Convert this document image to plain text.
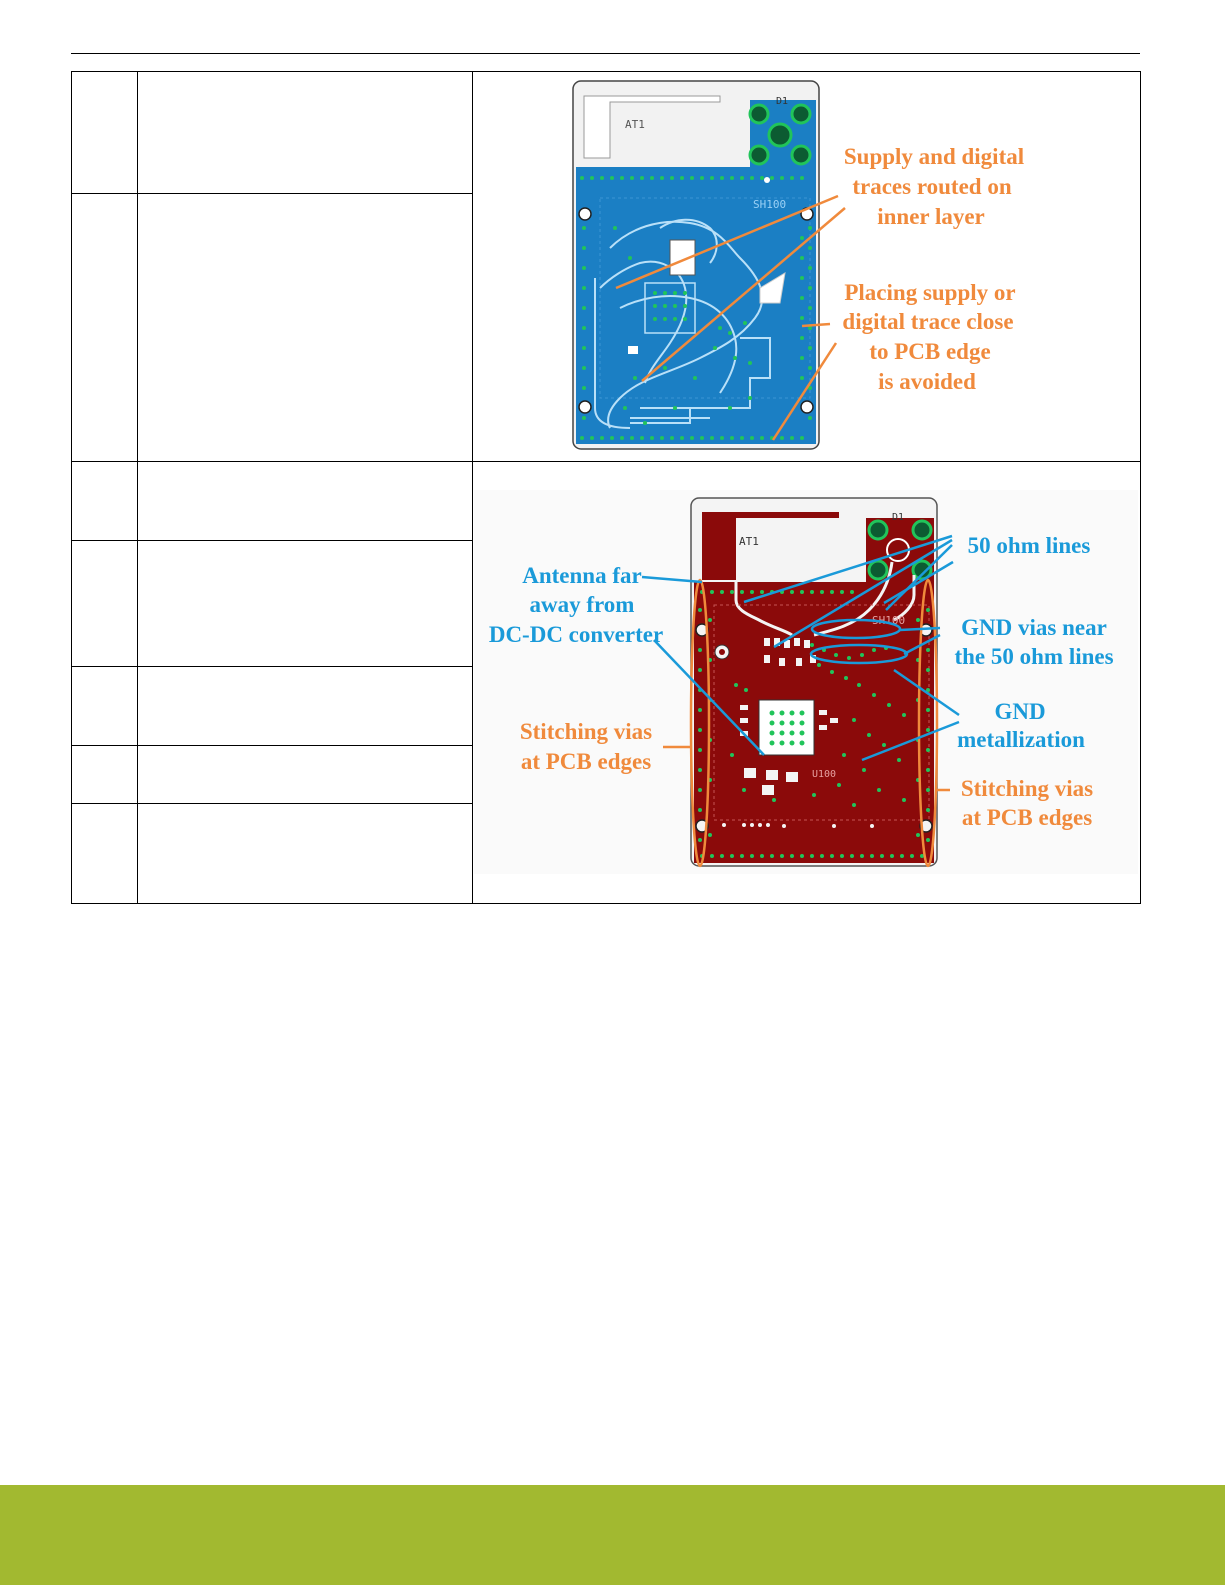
AT1
D1
SH100
Supply and digital
traces routed on
inner layer
Placing supply or
digital trace close
to PCB edge
is avoided
AT1
D1
SH100
U100
Antenna far
away from
DC-DC converter
50 ohm lines
GND vias near
the 50 ohm lines
GND
metallization
Stitching vias
at PCB edges
Stitching vias
at PCB edges
